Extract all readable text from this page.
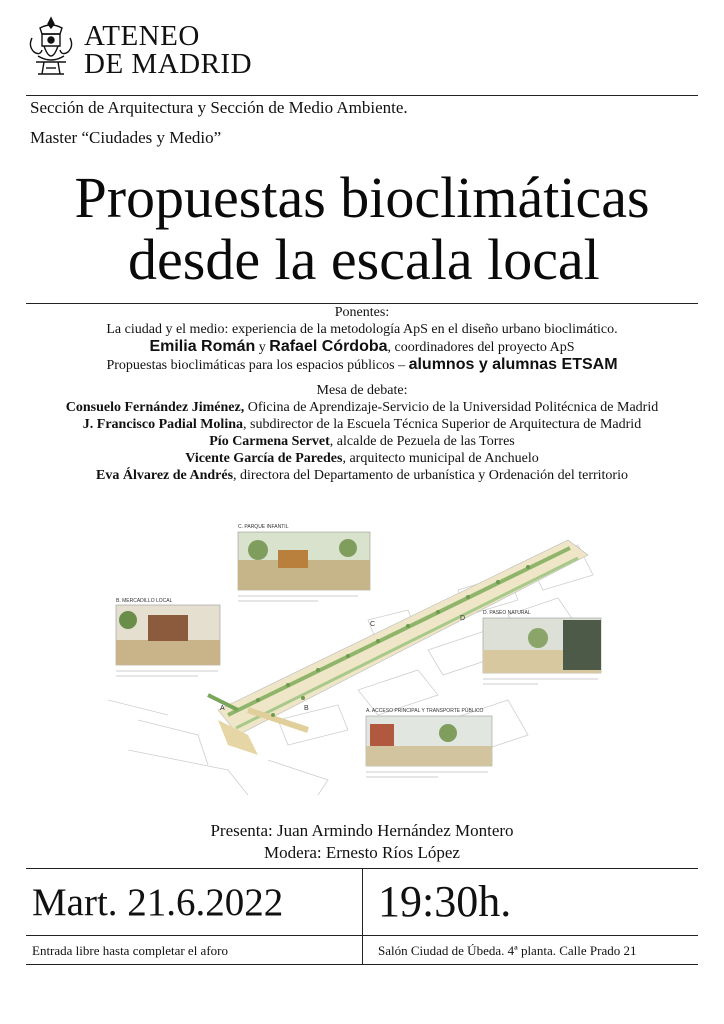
ATENEO
DE MADRID
Sección de Arquitectura y Sección de Medio Ambiente.
Master “Ciudades y Medio”
Propuestas bioclimáticas
desde la escala local
Ponentes:
La ciudad y el medio: experiencia de la metodología ApS en el diseño urbano bioclimático.
Emilia Román y Rafael Córdoba, coordinadores del proyecto ApS
Propuestas bioclimáticas para los espacios públicos – alumnos y alumnas ETSAM
Mesa de debate:
Consuelo Fernández Jiménez, Oficina de Aprendizaje-Servicio de la Universidad Politécnica de Madrid
J. Francisco Padial Molina, subdirector de la Escuela Técnica Superior de Arquitectura de Madrid
Pío Carmena Servet, alcalde de Pezuela de las Torres
Vicente García de Paredes, arquitecto municipal de Anchuelo
Eva Álvarez de Andrés, directora del Departamento de urbanística y Ordenación del territorio
C. PARQUE INFANTIL
B. MERCADILLO LOCAL
D. PASEO NATURAL
A. ACCESO PRINCIPAL Y TRANSPORTE PÚBLICO
A	B
C
D
Presenta: Juan Armindo Hernández Montero
Modera: Ernesto Ríos López
Mart. 21.6.2022 19:30h.
Entrada libre hasta completar el aforo	Salón Ciudad de Úbeda. 4ª planta. Calle Prado 21
